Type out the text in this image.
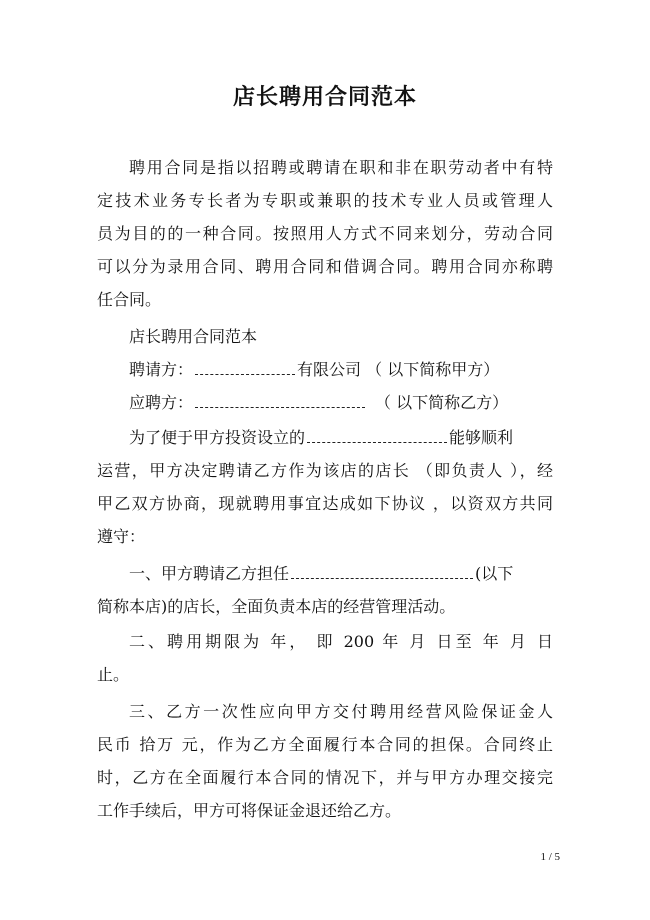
店长聘用合同范本
聘用合同是指以招聘或聘请在职和非在职劳动者中有特
定技术业务专长者为专职或兼职的技术专业人员或管理人
员为目的的一种合同。按照用人方式不同来划分，劳动合同
可以分为录用合同、聘用合同和借调合同。聘用合同亦称聘
任合同。
店长聘用合同范本
聘请方：	有限公司 （ 以下简称甲方）
应聘方：	（ 以下简称乙方）
为了便于甲方投资设立的	能够顺利
运营，甲方决定聘请乙方作为该店的店长 （即负责人 ），经
甲乙双方协商，现就聘用事宜达成如下协议 ，以资双方共同
遵守：
一、甲方聘请乙方担任	(以下
简称本店)的店长，全面负责本店的经营管理活动。
二、聘用期限为 年， 即 200 年 月 日至 年 月 日
止。
三、乙方一次性应向甲方交付聘用经营风险保证金人
民币 拾万 元，作为乙方全面履行本合同的担保。合同终止
时，乙方在全面履行本合同的情况下，并与甲方办理交接完
工作手续后，甲方可将保证金退还给乙方。
1 / 5
